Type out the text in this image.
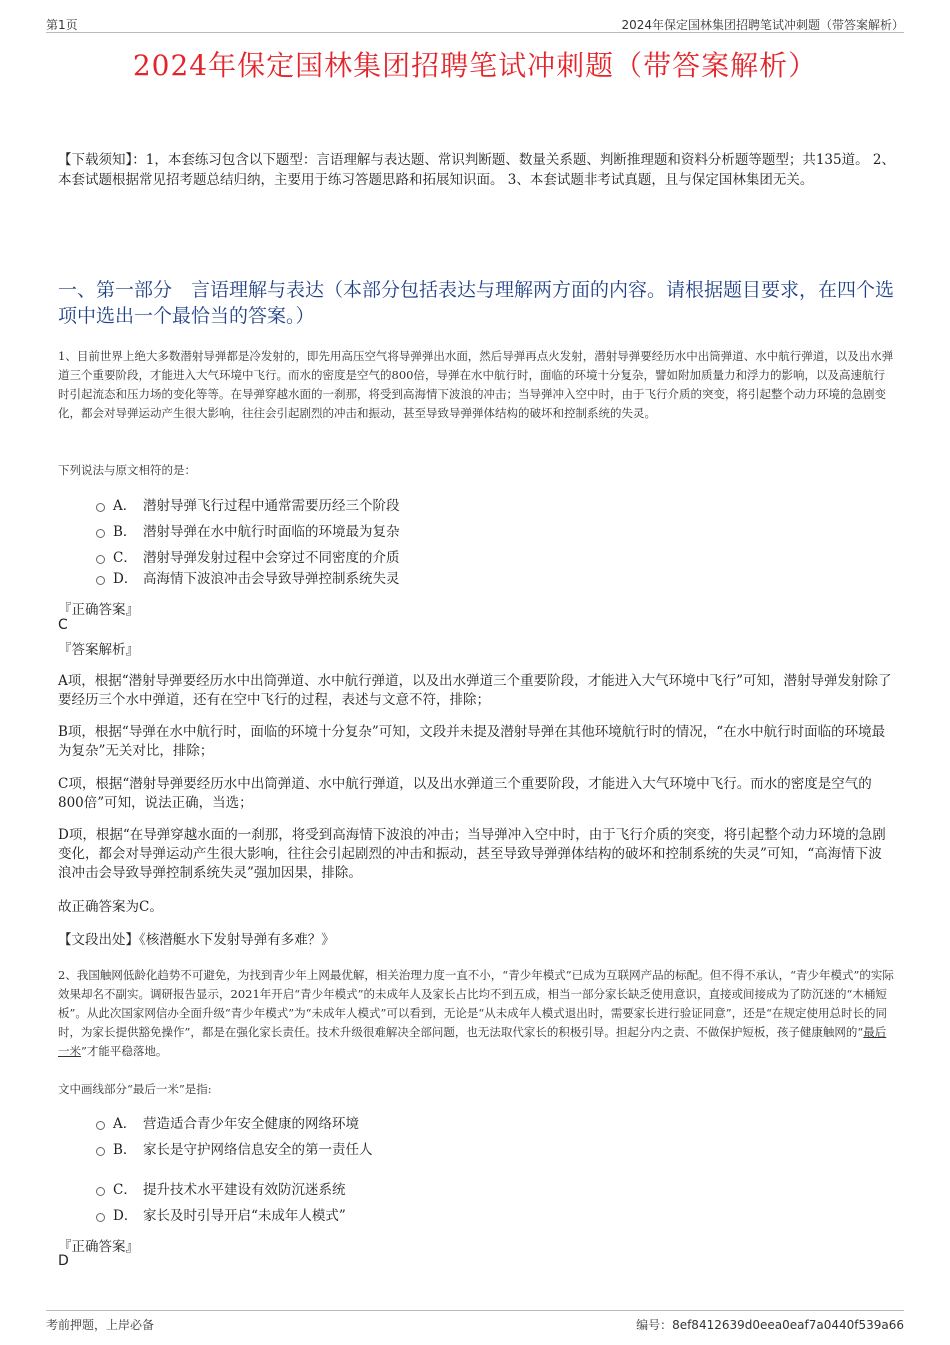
第1页	2024年保定国林集团招聘笔试冲刺题（带答案解析）
2024年保定国林集团招聘笔试冲刺题（带答案解析）
【下载须知】：1，本套练习包含以下题型：言语理解与表达题、常识判断题、数量关系题、判断推理题和资料分析题等题型；共135道。 2、本套试题根据常见招考题总结归纳，主要用于练习答题思路和拓展知识面。 3、本套试题非考试真题，且与保定国林集团无关。
一、第一部分　言语理解与表达（本部分包括表达与理解两方面的内容。请根据题目要求，在四个选项中选出一个最恰当的答案。）
1、目前世界上绝大多数潜射导弹都是冷发射的，即先用高压空气将导弹弹出水面，然后导弹再点火发射，潜射导弹要经历水中出筒弹道、水中航行弹道，以及出水弹道三个重要阶段，才能进入大气环境中飞行。而水的密度是空气的800倍，导弹在水中航行时，面临的环境十分复杂，譬如附加质量力和浮力的影响，以及高速航行时引起流态和压力场的变化等等。在导弹穿越水面的一刹那，将受到高海情下波浪的冲击；当导弹冲入空中时，由于飞行介质的突变，将引起整个动力环境的急剧变化，都会对导弹运动产生很大影响，往往会引起剧烈的冲击和振动，甚至导致导弹弹体结构的破坏和控制系统的失灵。
下列说法与原文相符的是：
A． 潜射导弹飞行过程中通常需要历经三个阶段
B． 潜射导弹在水中航行时面临的环境最为复杂
C． 潜射导弹发射过程中会穿过不同密度的介质
D． 高海情下波浪冲击会导致导弹控制系统失灵
『正确答案』
C
『答案解析』
A项，根据“潜射导弹要经历水中出筒弹道、水中航行弹道，以及出水弹道三个重要阶段，才能进入大气环境中飞行”可知，潜射导弹发射除了要经历三个水中弹道，还有在空中飞行的过程，表述与文意不符，排除；
B项，根据“导弹在水中航行时，面临的环境十分复杂”可知，文段并未提及潜射导弹在其他环境航行时的情况，“在水中航行时面临的环境最为复杂”无关对比，排除；
C项，根据“潜射导弹要经历水中出筒弹道、水中航行弹道，以及出水弹道三个重要阶段，才能进入大气环境中飞行。而水的密度是空气的800倍”可知，说法正确，当选；
D项，根据“在导弹穿越水面的一刹那，将受到高海情下波浪的冲击；当导弹冲入空中时，由于飞行介质的突变，将引起整个动力环境的急剧变化，都会对导弹运动产生很大影响，往往会引起剧烈的冲击和振动，甚至导致导弹弹体结构的破坏和控制系统的失灵”可知，“高海情下波浪冲击会导致导弹控制系统失灵”强加因果，排除。
故正确答案为C。
【文段出处】《核潜艇水下发射导弹有多难？》
2、我国触网低龄化趋势不可避免，为找到青少年上网最优解，相关治理力度一直不小，“青少年模式”已成为互联网产品的标配。但不得不承认，“青少年模式”的实际效果却名不副实。调研报告显示，2021年开启“青少年模式”的未成年人及家长占比均不到五成，相当一部分家长缺乏使用意识，直接或间接成为了防沉迷的“木桶短板”。从此次国家网信办全面升级“青少年模式”为“未成年人模式”可以看到，无论是“从未成年人模式退出时，需要家长进行验证同意”，还是“在规定使用总时长的同时，为家长提供豁免操作”，都是在强化家长责任。技术升级很难解决全部问题，也无法取代家长的积极引导。担起分内之责、不做保护短板，孩子健康触网的“最后一米”才能平稳落地。
文中画线部分“最后一米”是指:
A． 营造适合青少年安全健康的网络环境
B． 家长是守护网络信息安全的第一责任人
C． 提升技术水平建设有效防沉迷系统
D． 家长及时引导开启“未成年人模式”
『正确答案』
D
考前押题，上岸必备	编号：8ef8412639d0eea0eaf7a0440f539a66
